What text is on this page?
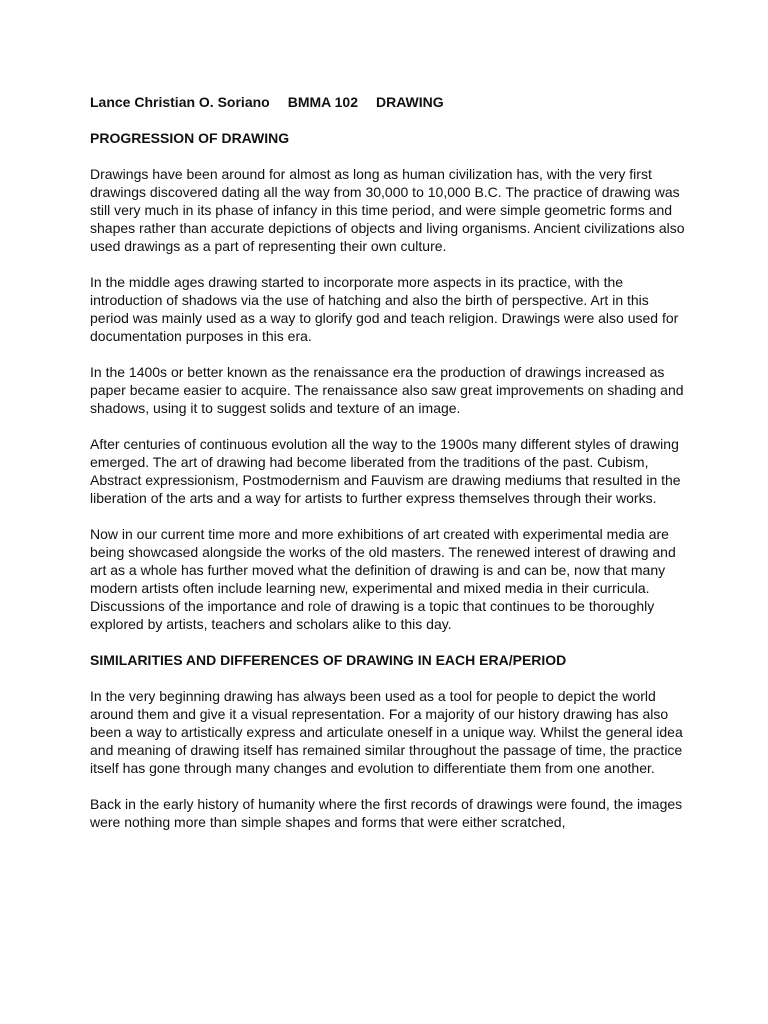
Lance Christian O. Soriano BMMA 102 DRAWING
PROGRESSION OF DRAWING

Drawings have been around for almost as long as human civilization has, with the very first drawings discovered dating all the way from 30,000 to 10,000 B.C. The practice of drawing was still very much in its phase of infancy in this time period, and were simple geometric forms and shapes rather than accurate depictions of objects and living organisms. Ancient civilizations also used drawings as a part of representing their own culture.

In the middle ages drawing started to incorporate more aspects in its practice, with the introduction of shadows via the use of hatching and also the birth of perspective. Art in this period was mainly used as a way to glorify god and teach religion. Drawings were also used for documentation purposes in this era.

In the 1400s or better known as the renaissance era the production of drawings increased as paper became easier to acquire. The renaissance also saw great improvements on shading and shadows, using it to suggest solids and texture of an image.

After centuries of continuous evolution all the way to the 1900s many different styles of drawing emerged. The art of drawing had become liberated from the traditions of the past. Cubism, Abstract expressionism, Postmodernism and Fauvism are drawing mediums that resulted in the liberation of the arts and a way for artists to further express themselves through their works.

Now in our current time more and more exhibitions of art created with experimental media are being showcased alongside the works of the old masters. The renewed interest of drawing and art as a whole has further moved what the definition of drawing is and can be, now that many modern artists often include learning new, experimental and mixed media in their curricula. Discussions of the importance and role of drawing is a topic that continues to be thoroughly explored by artists, teachers and scholars alike to this day.

SIMILARITIES AND DIFFERENCES OF DRAWING IN EACH ERA/PERIOD

In the very beginning drawing has always been used as a tool for people to depict the world around them and give it a visual representation. For a majority of our history drawing has also been a way to artistically express and articulate oneself in a unique way. Whilst the general idea and meaning of drawing itself has remained similar throughout the passage of time, the practice itself has gone through many changes and evolution to differentiate them from one another.

Back in the early history of humanity where the first records of drawings were found, the images were nothing more than simple shapes and forms that were either scratched,
